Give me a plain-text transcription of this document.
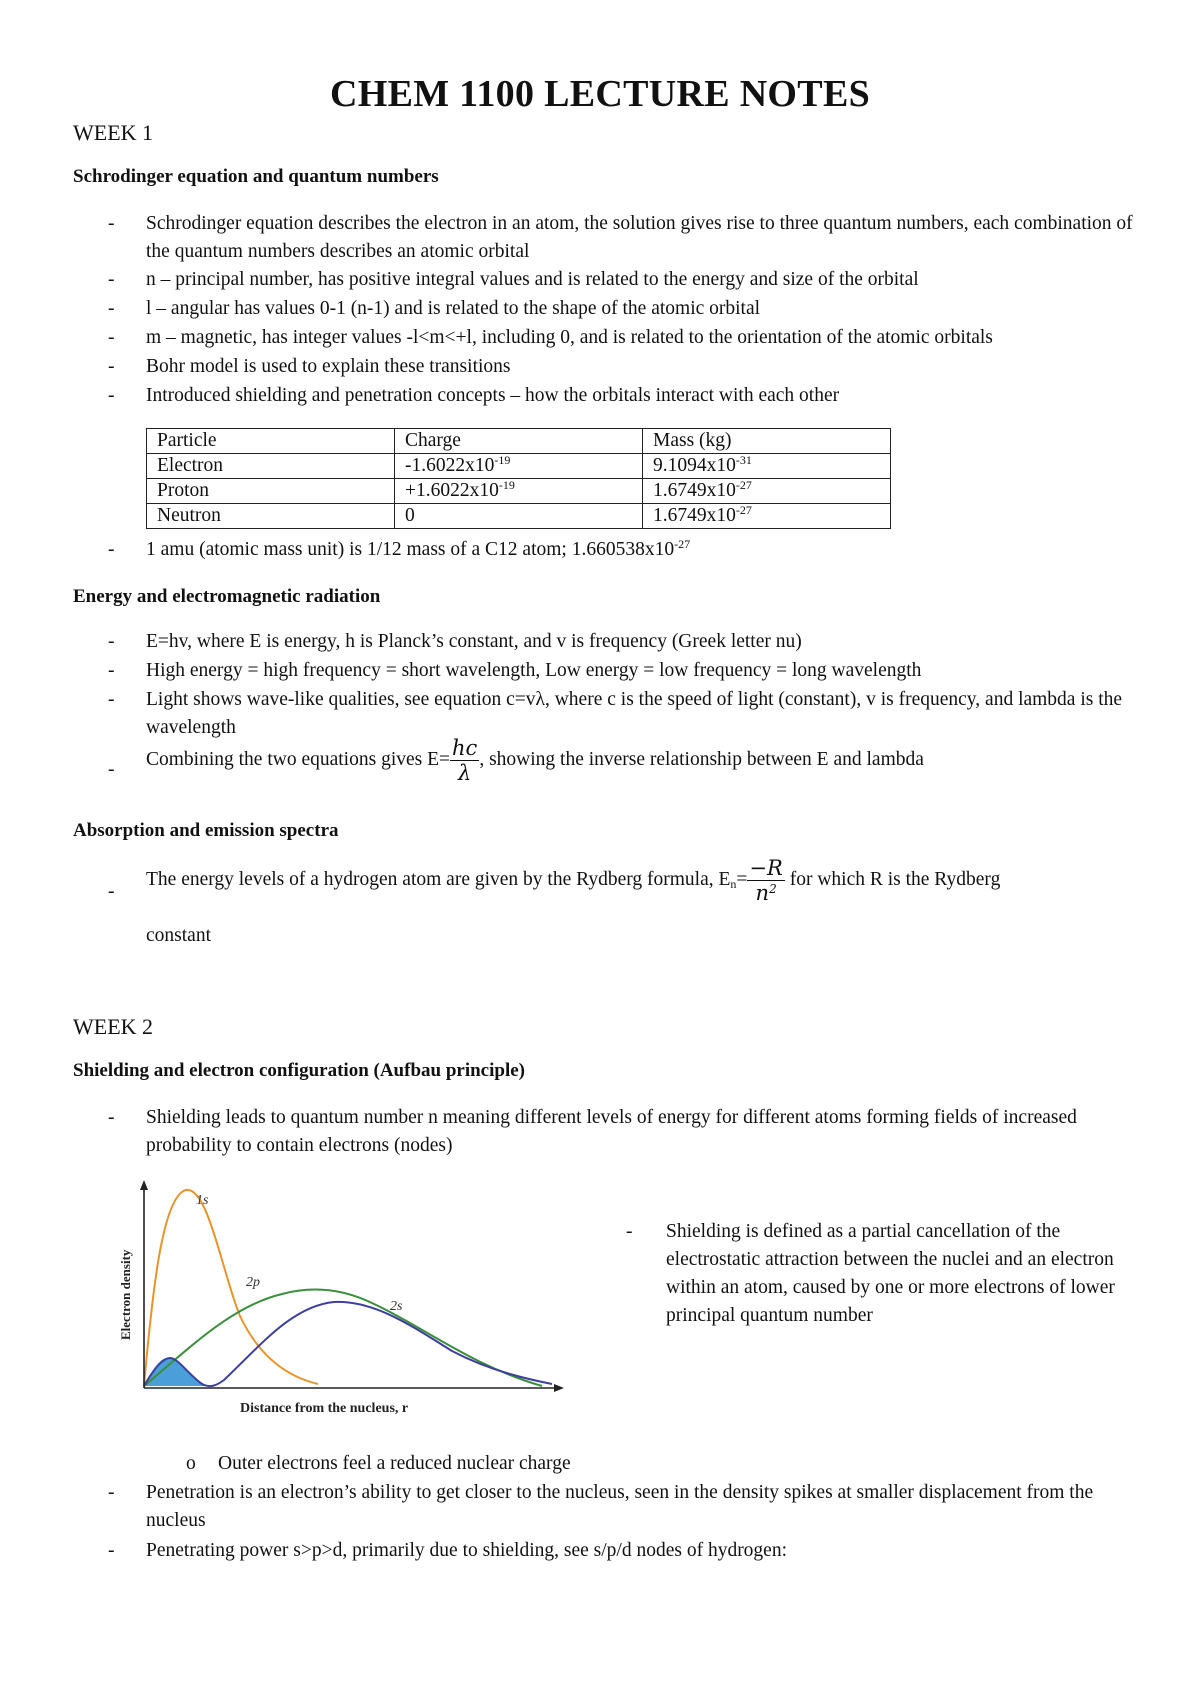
CHEM 1100 LECTURE NOTES
WEEK 1
Schrodinger equation and quantum numbers
- Schrodinger equation describes the electron in an atom, the solution gives rise to three quantum numbers, each combination of the quantum numbers describes an atomic orbital
- n – principal number, has positive integral values and is related to the energy and size of the orbital
- l – angular has values 0-1 (n-1) and is related to the shape of the atomic orbital
- m – magnetic, has integer values -l<m<+l, including 0, and is related to the orientation of the atomic orbitals
- Bohr model is used to explain these transitions
- Introduced shielding and penetration concepts – how the orbitals interact with each other
Particle	Charge	Mass (kg)
Electron	$-1.6022x10^{-19}$	$9.1094x10^{-31}$
Proton	$+1.6022x10^{-19}$	$1.6749x10^{-27}$
Neutron	0	$1.6749x10^{-27}$
- 1 amu (atomic mass unit) is 1/12 mass of a C12 atom; $1.660538x10^{-27}$
Energy and electromagnetic radiation
- E=hv, where E is energy, h is Planck’s constant, and v is frequency (Greek letter nu)
- High energy = high frequency = short wavelength, Low energy = low frequency = long wavelength
- Light shows wave-like qualities, see equation c=vλ, where c is the speed of light (constant), v is frequency, and lambda is the wavelength
- Combining the two equations gives $E= \frac{hc}{\lambda}$ , showing the inverse relationship between E and lambda
Absorption and emission spectra
-
The energy levels of a hydrogen atom are given by the Rydberg formula, $E_n= \frac{-R}{n^2}$ for which R is the Rydberg
constant
WEEK 2
Shielding and electron configuration (Aufbau principle)
- Shielding leads to quantum number n meaning different levels of energy for different atoms forming fields of increased probability to contain electrons (nodes)
1s
2p
2s
Electron density
Distance from the nucleus, r
- Shielding is defined as a partial cancellation of the electrostatic attraction between the nuclei and an electron within an atom, caused by one or more electrons of lower principal quantum number
o Outer electrons feel a reduced nuclear charge
- Penetration is an electron’s ability to get closer to the nucleus, seen in the density spikes at smaller displacement from the nucleus
- Penetrating power s>p>d, primarily due to shielding, see s/p/d nodes of hydrogen:
